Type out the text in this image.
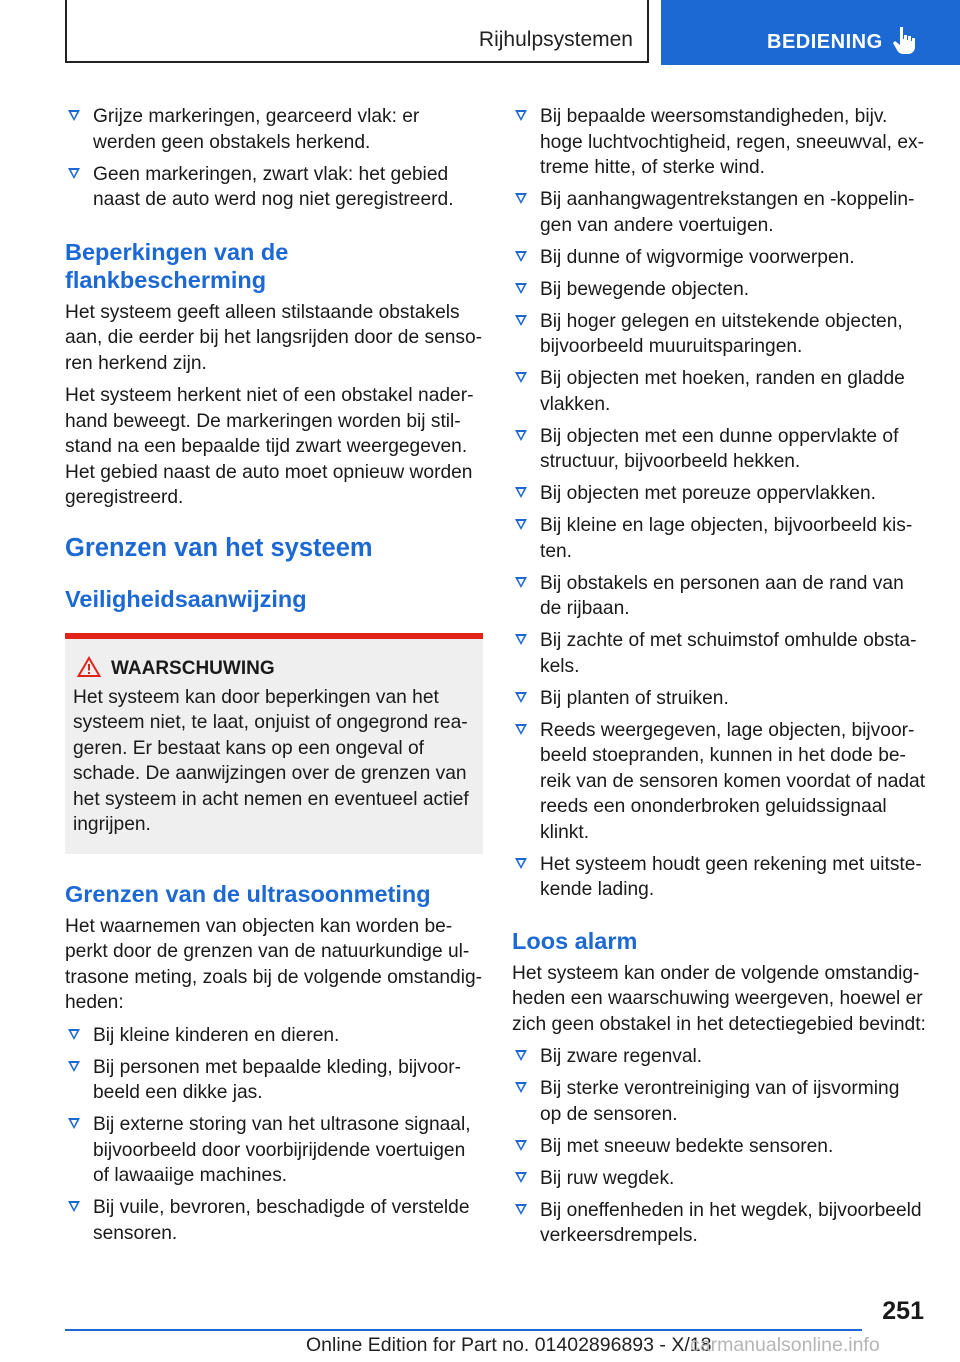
Rijhulpsystemen	BEDIENING
Grijze markeringen, gearceerd vlak: er werden geen obstakels herkend.
Geen markeringen, zwart vlak: het gebied naast de auto werd nog niet geregistreerd.
Beperkingen van de flankbescherming

Het systeem geeft alleen stilstaande obstakels aan, die eerder bij het langsrijden door de senso-ren herkend zijn.

Het systeem herkent niet of een obstakel nader-hand beweegt. De markeringen worden bij stil-stand na een bepaalde tijd zwart weergegeven. Het gebied naast de auto moet opnieuw worden geregistreerd.

Grenzen van het systeem
Veiligheidsaanwijzing
WAARSCHUWING
Het systeem kan door beperkingen van het systeem niet, te laat, onjuist of ongegrond rea-geren. Er bestaat kans op een ongeval of schade. De aanwijzingen over de grenzen van het systeem in acht nemen en eventueel actief ingrijpen.
Grenzen van de ultrasoonmeting

Het waarnemen van objecten kan worden be-perkt door de grenzen van de natuurkundige ul-trasone meting, zoals bij de volgende omstandig-heden:

Bij kleine kinderen en dieren.
Bij personen met bepaalde kleding, bijvoor-beeld een dikke jas.
Bij externe storing van het ultrasone signaal, bijvoorbeeld door voorbijrijdende voertuigen of lawaaiige machines.
Bij vuile, bevroren, beschadigde of verstelde sensoren.
Bij bepaalde weersomstandigheden, bijv. hoge luchtvochtigheid, regen, sneeuwval, ex-treme hitte, of sterke wind.
Bij aanhangwagentrekstangen en -koppelin-gen van andere voertuigen.
Bij dunne of wigvormige voorwerpen.
Bij bewegende objecten.
Bij hoger gelegen en uitstekende objecten, bijvoorbeeld muuruitsparingen.
Bij objecten met hoeken, randen en gladde vlakken.
Bij objecten met een dunne oppervlakte of structuur, bijvoorbeeld hekken.
Bij objecten met poreuze oppervlakken.
Bij kleine en lage objecten, bijvoorbeeld kis-ten.
Bij obstakels en personen aan de rand van de rijbaan.
Bij zachte of met schuimstof omhulde obsta-kels.
Bij planten of struiken.
Reeds weergegeven, lage objecten, bijvoor-beeld stoepranden, kunnen in het dode be-reik van de sensoren komen voordat of nadat reeds een ononderbroken geluidssignaal klinkt.
Het systeem houdt geen rekening met uitste-kende lading.
Loos alarm

Het systeem kan onder de volgende omstandig-heden een waarschuwing weergeven, hoewel er zich geen obstakel in het detectiegebied bevindt:

Bij zware regenval.
Bij sterke verontreiniging van of ijsvorming op de sensoren.
Bij met sneeuw bedekte sensoren.
Bij ruw wegdek.
Bij oneffenheden in het wegdek, bijvoorbeeld verkeersdrempels.
251
Online Edition for Part no. 01402896893 - X/18
carmanualsonline.info
